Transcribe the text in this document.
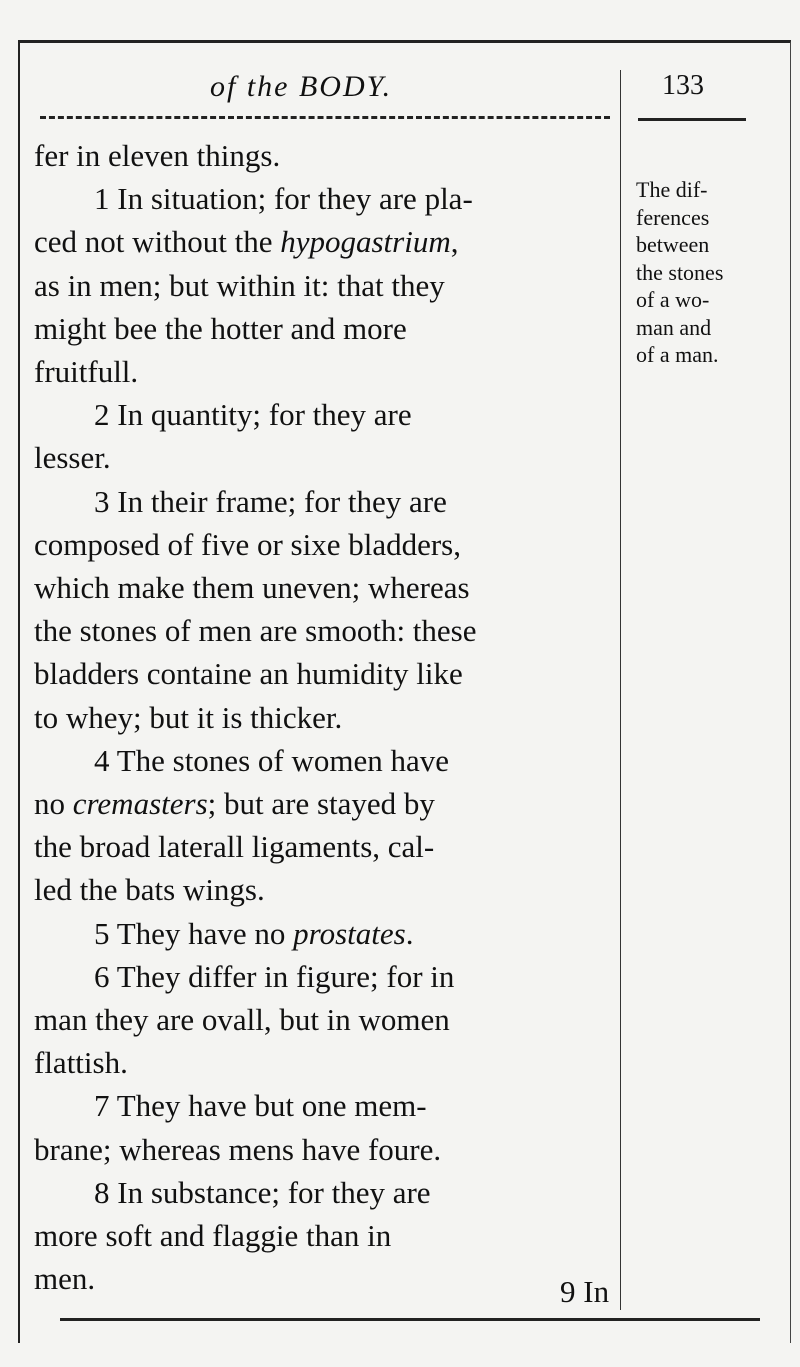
of the BODY.	133

fer in eleven things.

1 In situation; for they are pla-

ced not without the hypogastrium,

as in men; but within it: that they

might bee the hotter and more

fruitfull.

2 In quantity; for they are

lesser.

3 In their frame; for they are

composed of five or sixe bladders,

which make them uneven; whereas

the stones of men are smooth: these

bladders containe an humidity like

to whey; but it is thicker.

4 The stones of women have

no cremasters; but are stayed by

the broad laterall ligaments, cal-

led the bats wings.

5 They have no prostates.

6 They differ in figure; for in

man they are ovall, but in women

flattish.

7 They have but one mem-

brane; whereas mens have foure.

8 In substance; for they are

more soft and flaggie than in

men.

The dif-
ferences
between
the stones
of a wo-
man and
of a man.
9 In
